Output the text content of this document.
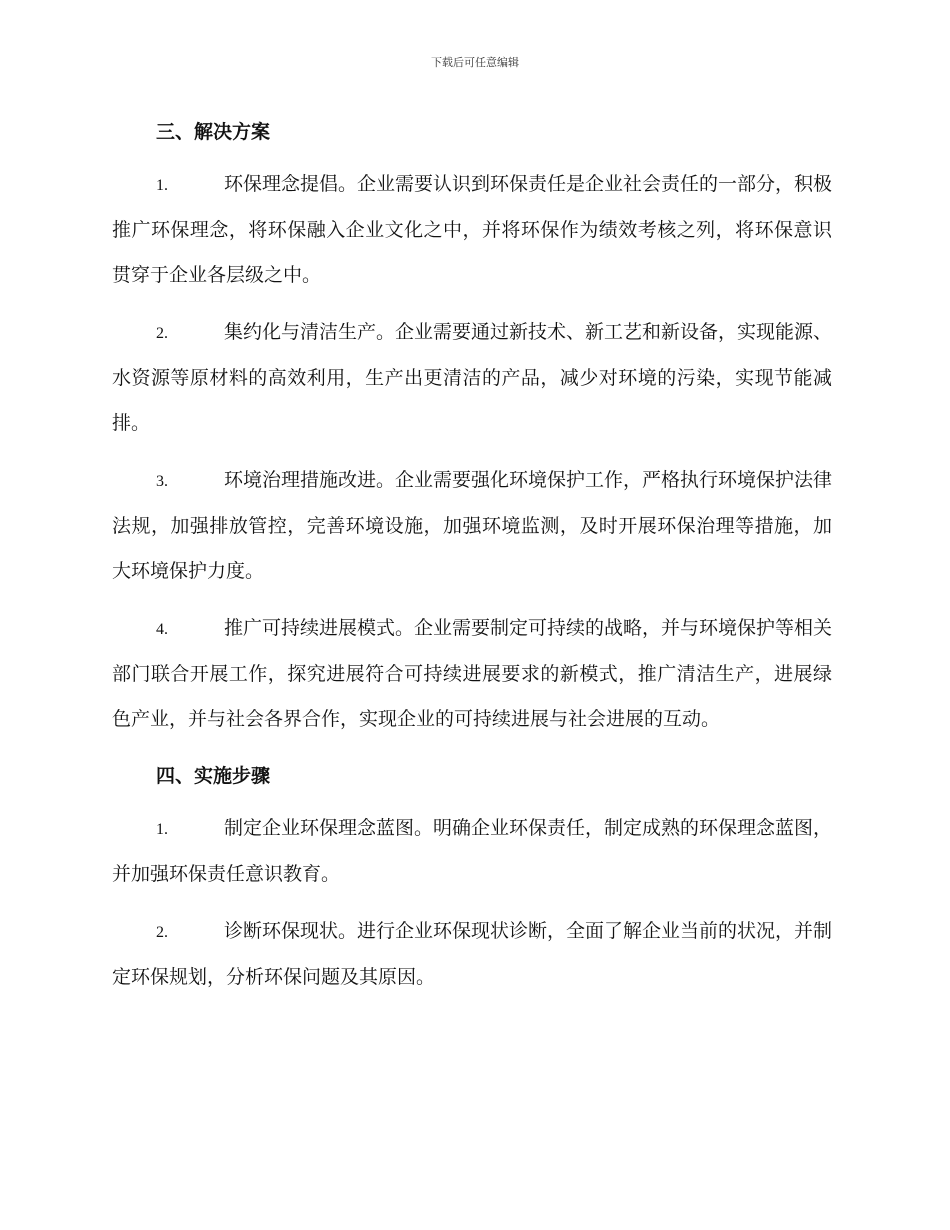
下载后可任意编辑
三、解决方案

1.	环保理念提倡。企业需要认识到环保责任是企业社会责任的一部分，积极推广环保理念，将环保融入企业文化之中，并将环保作为绩效考核之列，将环保意识贯穿于企业各层级之中。

2.	集约化与清洁生产。企业需要通过新技术、新工艺和新设备，实现能源、水资源等原材料的高效利用，生产出更清洁的产品，减少对环境的污染，实现节能减排。

3.	环境治理措施改进。企业需要强化环境保护工作，严格执行环境保护法律法规，加强排放管控，完善环境设施，加强环境监测，及时开展环保治理等措施，加大环境保护力度。

4.	推广可持续进展模式。企业需要制定可持续的战略，并与环境保护等相关部门联合开展工作，探究进展符合可持续进展要求的新模式，推广清洁生产，进展绿色产业，并与社会各界合作，实现企业的可持续进展与社会进展的互动。

四、实施步骤

1.	制定企业环保理念蓝图。明确企业环保责任，制定成熟的环保理念蓝图，并加强环保责任意识教育。

2.	诊断环保现状。进行企业环保现状诊断，全面了解企业当前的状况，并制定环保规划，分析环保问题及其原因。
